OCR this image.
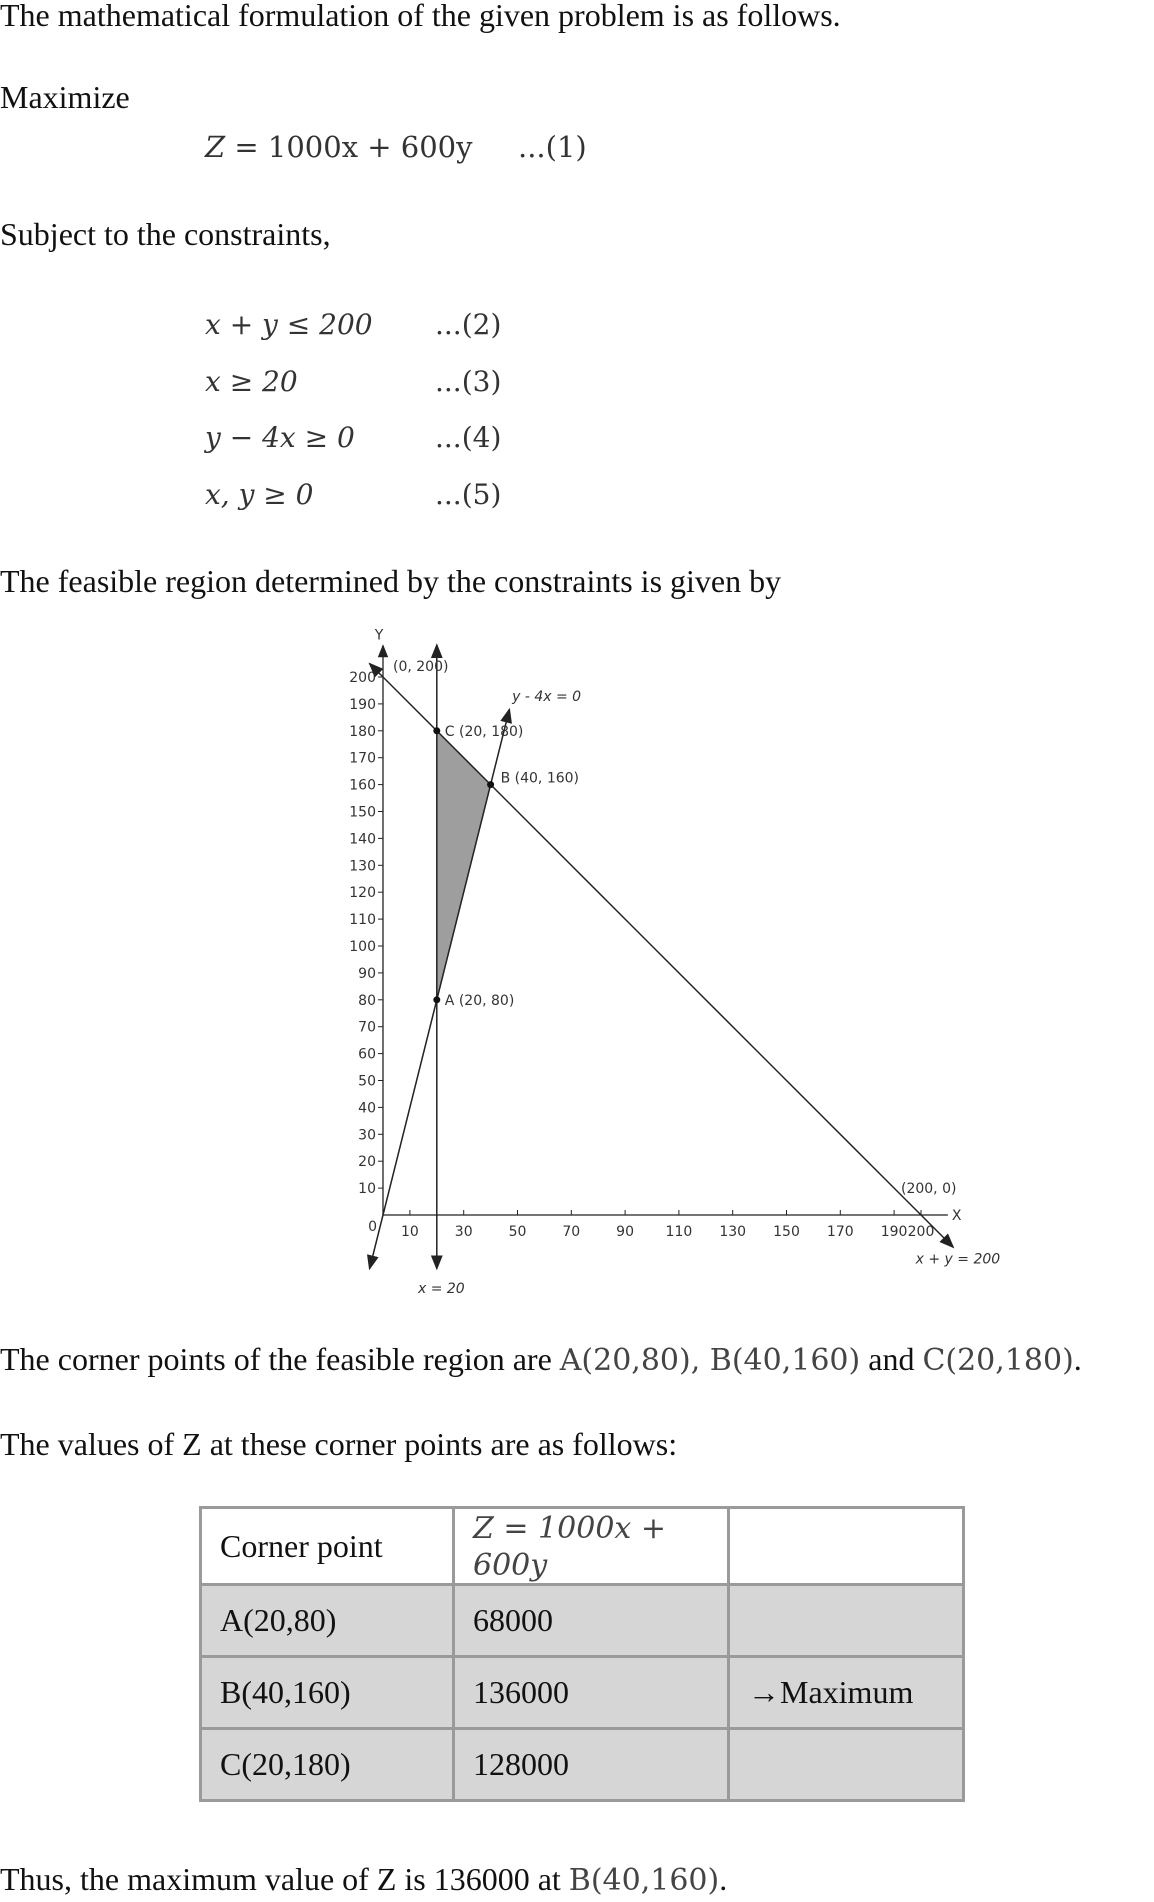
The mathematical formulation of the given problem is as follows.
Maximize
Z = 1000x + 600y ...(1)
Subject to the constraints,
x + y ≤ 200 ...(2)
x ≥ 20	...(3)
y − 4x ≥ 0	...(4)
x, y ≥ 0	...(5)
The feasible region determined by the constraints is given by
X
Y
0 10	30	50	70	90 110 130 150 170 190 200
10
20
30
40
50
60
70
80
90
100
110
120
130
140
150
160
170
180
190
200
x + y = 200
x = 20
y - 4x = 0
A (20, 80)
B (40, 160)
C (20, 180)
(0, 200)
(200, 0)
The corner points of the feasible region are A(20,80), B(40,160) and C(20,180).
The values of Z at these corner points are as follows:
Corner point	Z = 1000x + 600y	
A(20,80)	68000	
B(40,160)	136000	→Maximum
C(20,180)	128000	
Thus, the maximum value of Z is 136000 at B(40,160).
